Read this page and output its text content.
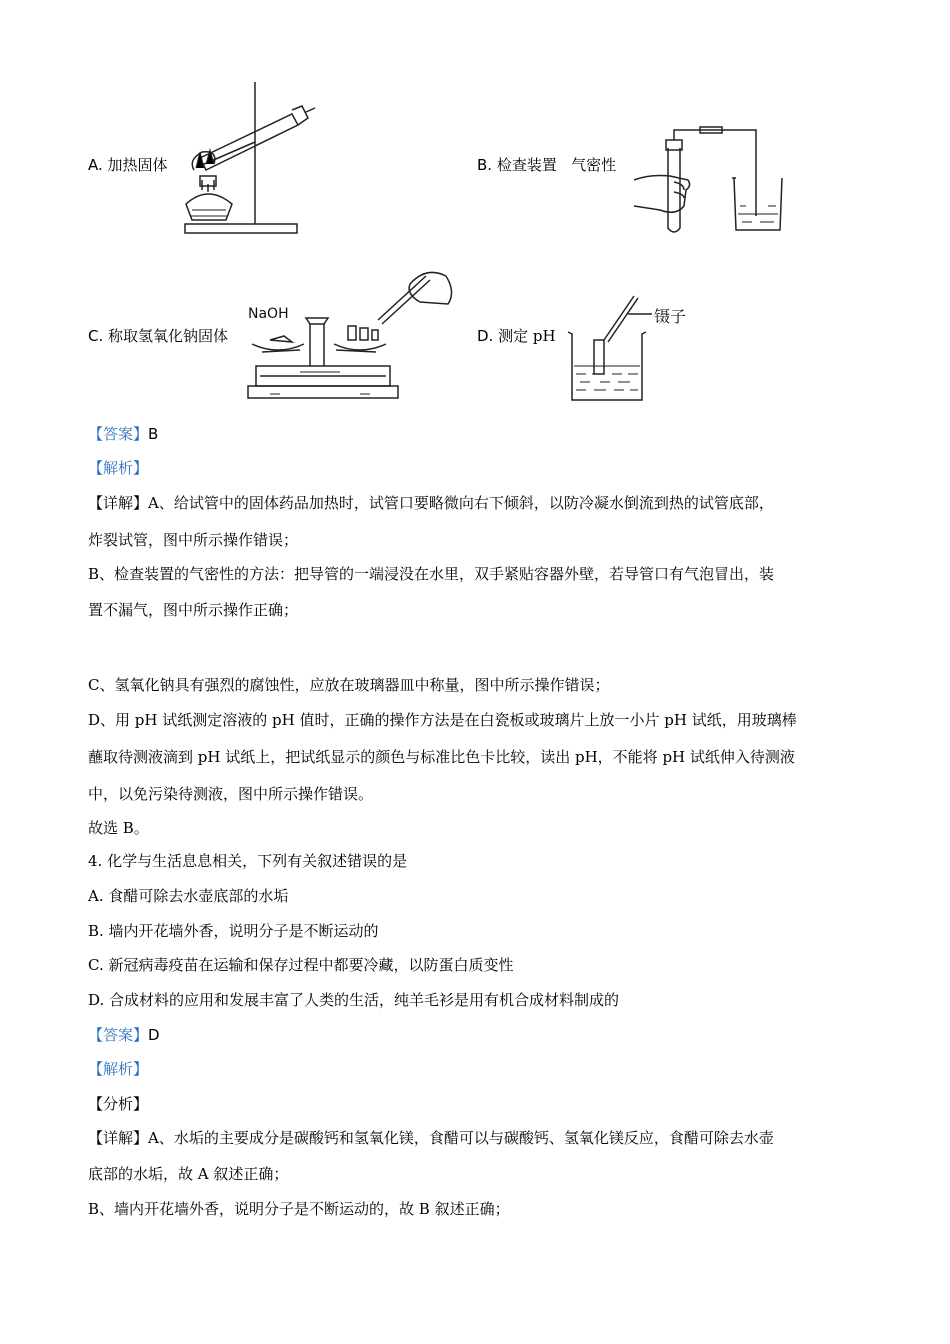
A. 加热固体	B. 检查装置 气密性
C. 称取氢氧化钠固体
NaOH
D. 测定 pH
镊子
【答案】B
【解析】
【详解】A、给试管中的固体药品加热时，试管口要略微向右下倾斜，以防冷凝水倒流到热的试管底部，
炸裂试管，图中所示操作错误；
B、检查装置的气密性的方法：把导管的一端浸没在水里，双手紧贴容器外壁，若导管口有气泡冒出，装
置不漏气，图中所示操作正确；
C、氢氧化钠具有强烈的腐蚀性，应放在玻璃器皿中称量，图中所示操作错误；
D、用 pH 试纸测定溶液的 pH 值时，正确的操作方法是在白瓷板或玻璃片上放一小片 pH 试纸，用玻璃棒
蘸取待测液滴到 pH 试纸上，把试纸显示的颜色与标准比色卡比较，读出 pH，不能将 pH 试纸伸入待测液
中，以免污染待测液，图中所示操作错误。
故选 B。
4. 化学与生活息息相关，下列有关叙述错误的是
A. 食醋可除去水壶底部的水垢
B. 墙内开花墙外香，说明分子是不断运动的
C. 新冠病毒疫苗在运输和保存过程中都要冷藏，以防蛋白质变性
D. 合成材料的应用和发展丰富了人类的生活，纯羊毛衫是用有机合成材料制成的
【答案】D
【解析】
【分析】
【详解】A、水垢的主要成分是碳酸钙和氢氧化镁，食醋可以与碳酸钙、氢氧化镁反应，食醋可除去水壶
底部的水垢，故 A 叙述正确；
B、墙内开花墙外香，说明分子是不断运动的，故 B 叙述正确；
